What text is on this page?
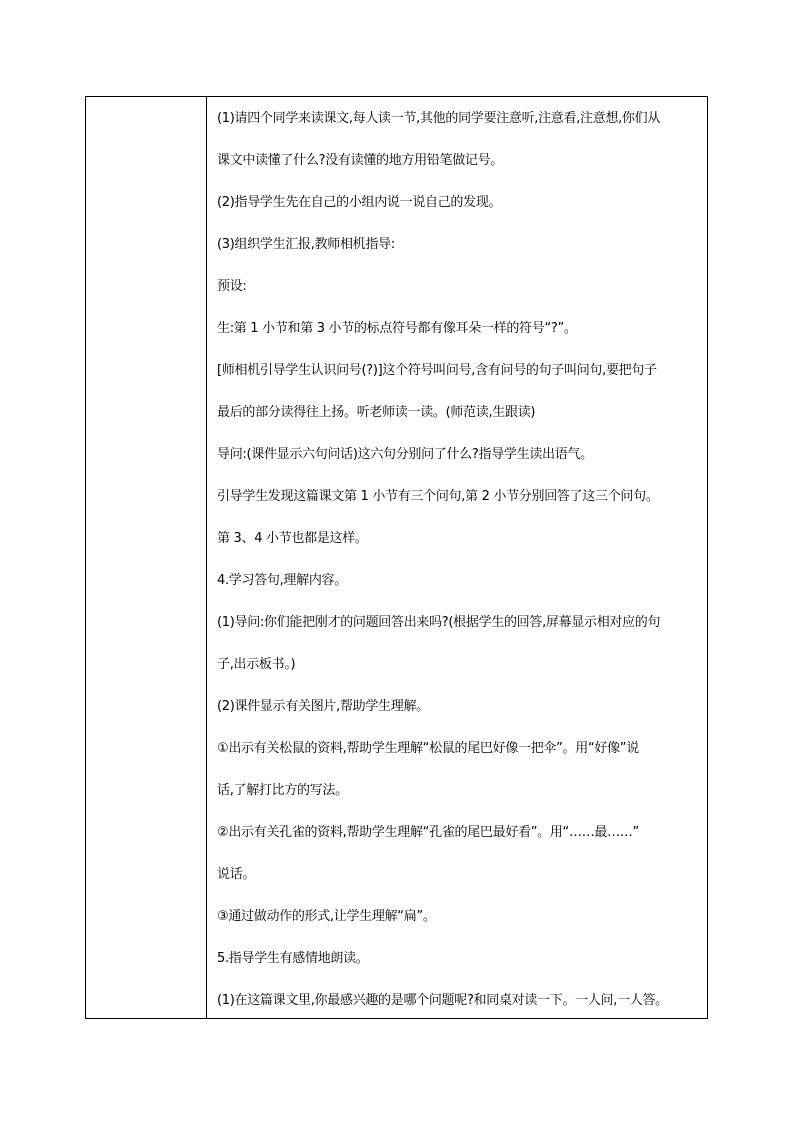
(1)请四个同学来读课文,每人读一节,其他的同学要注意听,注意看,注意想,你们从
课文中读懂了什么?没有读懂的地方用铅笔做记号。
(2)指导学生先在自己的小组内说一说自己的发现。
(3)组织学生汇报,教师相机指导:
预设:
生:第 1 小节和第 3 小节的标点符号都有像耳朵一样的符号“?”。
[师相机引导学生认识问号(?)]这个符号叫问号,含有问号的句子叫问句,要把句子
最后的部分读得往上扬。听老师读一读。(师范读,生跟读)
导问:(课件显示六句问话)这六句分别问了什么?指导学生读出语气。
引导学生发现这篇课文第 1 小节有三个问句,第 2 小节分别回答了这三个问句。
第 3、4 小节也都是这样。
4.学习答句,理解内容。
(1)导问:你们能把刚才的问题回答出来吗?(根据学生的回答,屏幕显示相对应的句
子,出示板书。)
(2)课件显示有关图片,帮助学生理解。
①出示有关松鼠的资料,帮助学生理解“松鼠的尾巴好像一把伞”。用“好像”说
话,了解打比方的写法。
②出示有关孔雀的资料,帮助学生理解“孔雀的尾巴最好看”。用“……最……”
说话。
③通过做动作的形式,让学生理解“扁”。
5.指导学生有感情地朗读。
(1)在这篇课文里,你最感兴趣的是哪个问题呢?和同桌对读一下。一人问,一人答。
